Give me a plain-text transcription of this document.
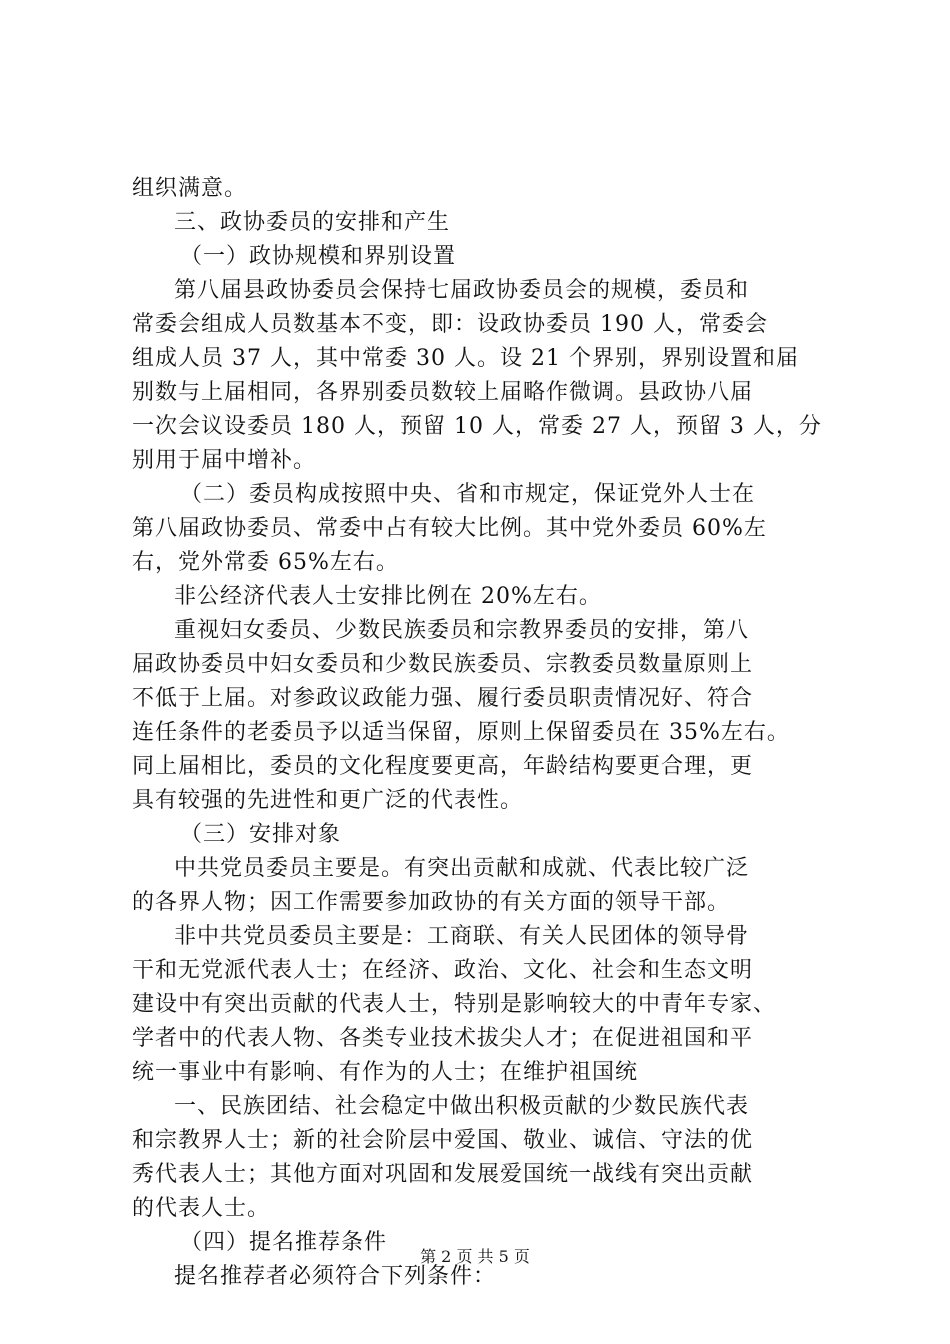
组织满意。
三、政协委员的安排和产生
（一）政协规模和界别设置
第八届县政协委员会保持七届政协委员会的规模，委员和
常委会组成人员数基本不变，即：设政协委员 190 人，常委会
组成人员 37 人，其中常委 30 人。设 21 个界别，界别设置和届
别数与上届相同，各界别委员数较上届略作微调。县政协八届
一次会议设委员 180 人，预留 10 人，常委 27 人，预留 3 人，分
别用于届中增补。
（二）委员构成按照中央、省和市规定，保证党外人士在
第八届政协委员、常委中占有较大比例。其中党外委员 60%左
右，党外常委 65%左右。
非公经济代表人士安排比例在 20%左右。
重视妇女委员、少数民族委员和宗教界委员的安排，第八
届政协委员中妇女委员和少数民族委员、宗教委员数量原则上
不低于上届。对参政议政能力强、履行委员职责情况好、符合
连任条件的老委员予以适当保留，原则上保留委员在 35%左右。
同上届相比，委员的文化程度要更高，年龄结构要更合理，更
具有较强的先进性和更广泛的代表性。
（三）安排对象
中共党员委员主要是。有突出贡献和成就、代表比较广泛
的各界人物；因工作需要参加政协的有关方面的领导干部。
非中共党员委员主要是：工商联、有关人民团体的领导骨
干和无党派代表人士；在经济、政治、文化、社会和生态文明
建设中有突出贡献的代表人士，特别是影响较大的中青年专家、
学者中的代表人物、各类专业技术拔尖人才；在促进祖国和平
统一事业中有影响、有作为的人士；在维护祖国统
一、民族团结、社会稳定中做出积极贡献的少数民族代表
和宗教界人士；新的社会阶层中爱国、敬业、诚信、守法的优
秀代表人士；其他方面对巩固和发展爱国统一战线有突出贡献
的代表人士。
（四）提名推荐条件
提名推荐者必须符合下列条件：
第 2 页 共 5 页
